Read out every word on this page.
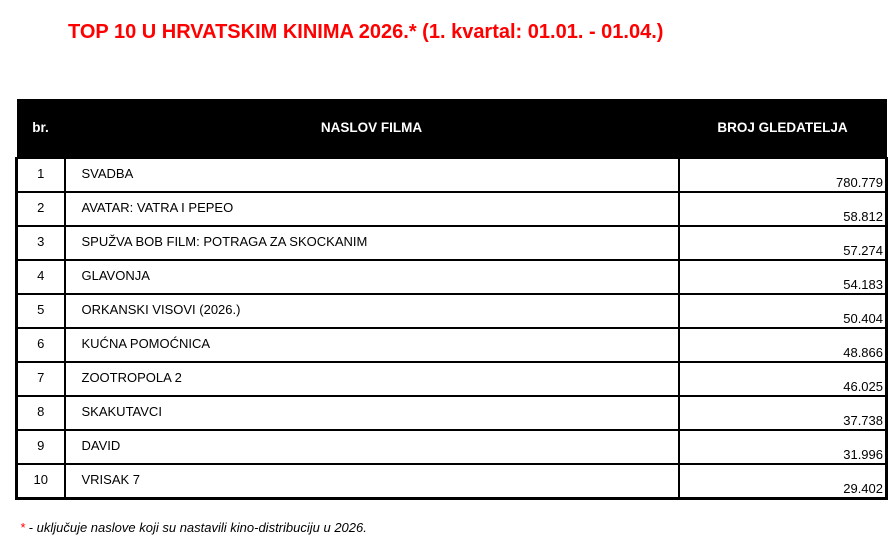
TOP 10 U HRVATSKIM KINIMA 2026.* (1. kvartal: 01.01. - 01.04.)
br.	NASLOV FILMA	BROJ GLEDATELJA
1	SVADBA	780.779
2	AVATAR: VATRA I PEPEO	58.812
3	SPUŽVA BOB FILM: POTRAGA ZA SKOCKANIM	57.274
4	GLAVONJA	54.183
5	ORKANSKI VISOVI (2026.)	50.404
6	KUĆNA POMOĆNICA	48.866
7	ZOOTROPOLA 2	46.025
8	SKAKUTAVCI	37.738
9	DAVID	31.996
10	VRISAK 7	29.402
* - uključuje naslove koji su nastavili kino-distribuciju u 2026.
